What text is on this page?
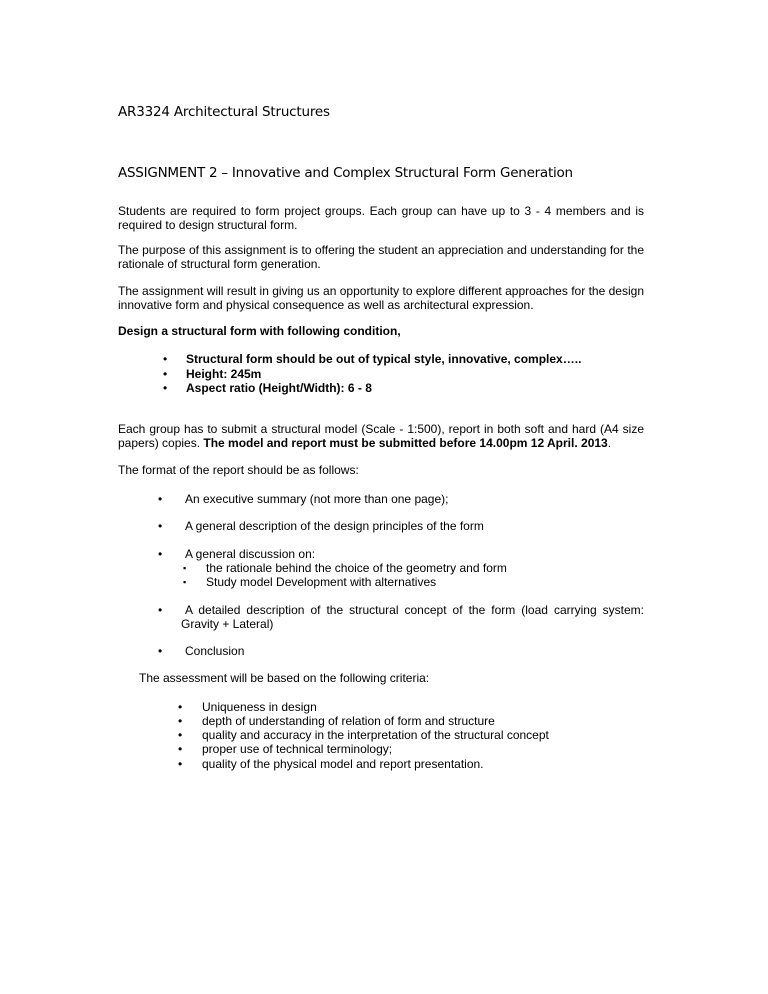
AR3324 Architectural Structures
ASSIGNMENT 2 – Innovative and Complex Structural Form Generation
Students are required to form project groups. Each group can have up to 3 - 4 members and is
required to design structural form.
The purpose of this assignment is to offering the student an appreciation and understanding for the
rationale of structural form generation.
The assignment will result in giving us an opportunity to explore different approaches for the design
innovative form and physical consequence as well as architectural expression.
Design a structural form with following condition,
• Structural form should be out of typical style, innovative, complex…..
• Height: 245m
• Aspect ratio (Height/Width): 6 - 8
Each group has to submit a structural model (Scale - 1:500), report in both soft and hard (A4 size
papers) copies. The model and report must be submitted before 14.00pm 12 April. 2013.
The format of the report should be as follows:
• An executive summary (not more than one page);
• A general description of the design principles of the form
• A general discussion on:
▪ the rationale behind the choice of the geometry and form
▪ Study model Development with alternatives
•	A detailed description of the structural concept of the form (load carrying system:
Gravity + Lateral)
• Conclusion
The assessment will be based on the following criteria:
• Uniqueness in design
• depth of understanding of relation of form and structure
• quality and accuracy in the interpretation of the structural concept
• proper use of technical terminology;
• quality of the physical model and report presentation.
